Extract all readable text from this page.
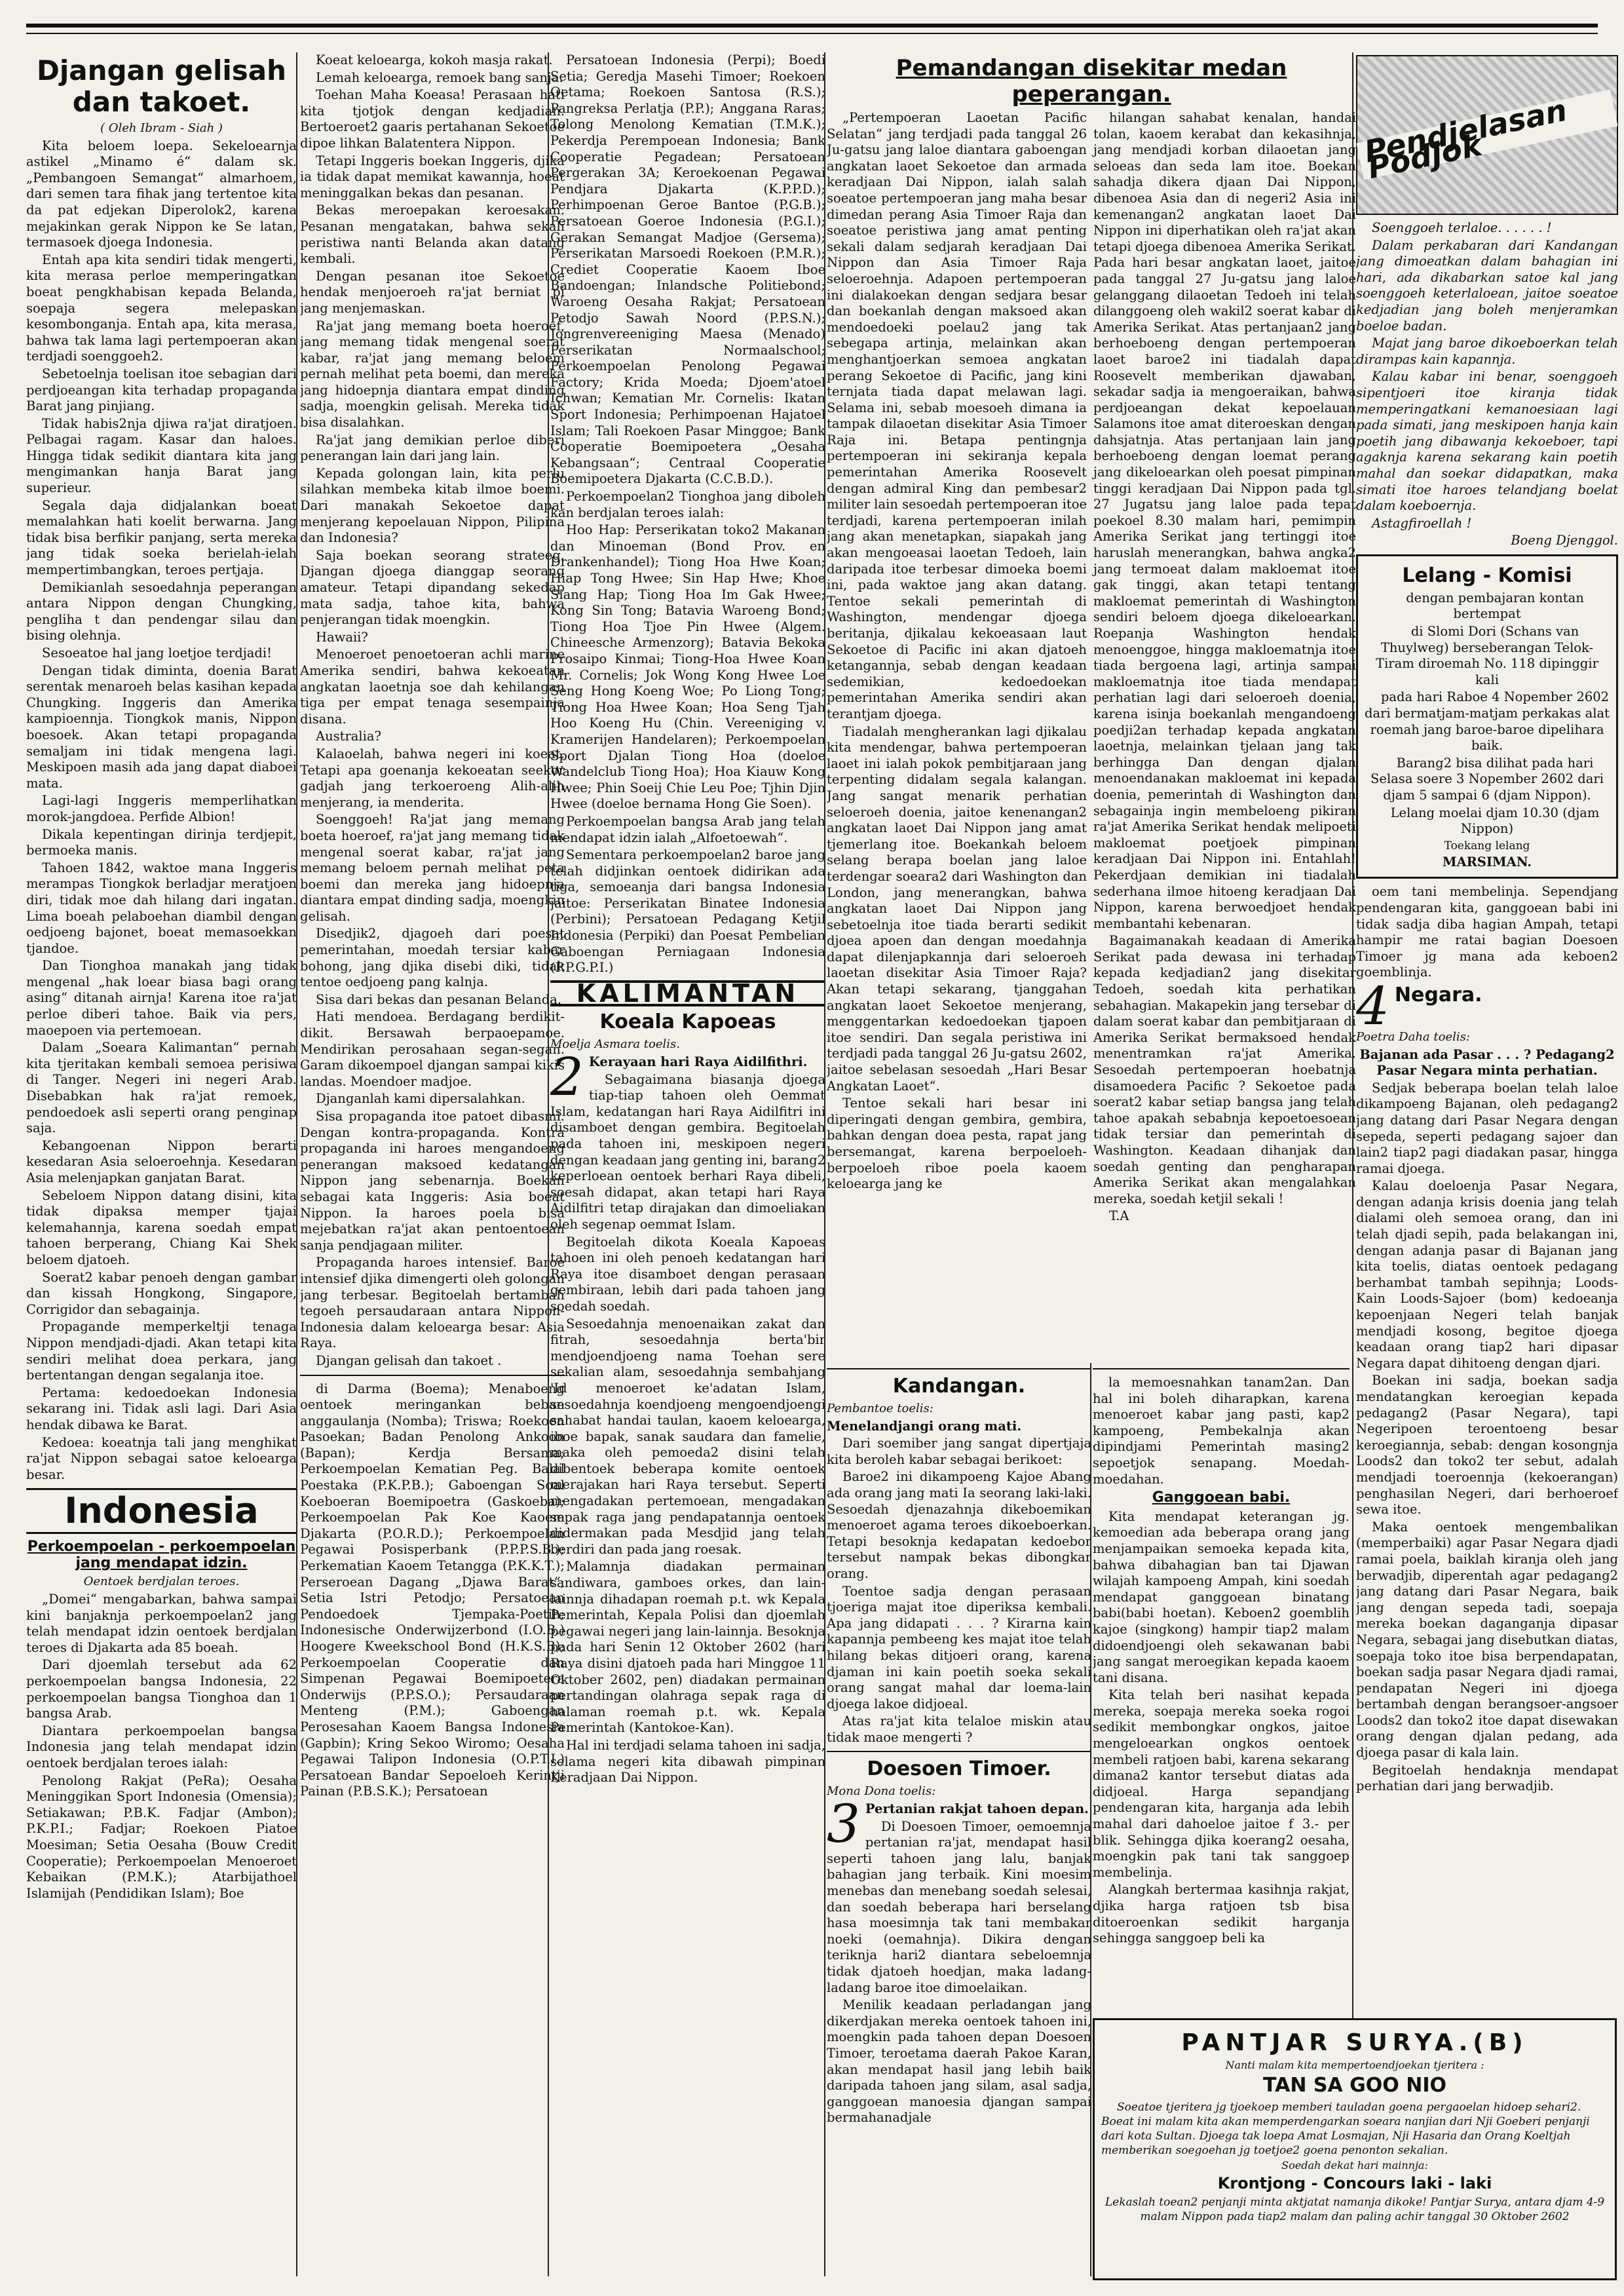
Djangan gelisah dan takoet.

( Oleh Ibram - Siah )

Kita beloem loepa. Sekeloearnja astikel „Minamo é“ dalam sk. „Pembangoen Semangat“ almarhoem, dari semen tara fihak jang tertentoe kita da pat edjekan Diperolok2, karena mejakinkan gerak Nippon ke Se latan, termasoek djoega Indonesia.

Entah apa kita sendiri tidak mengerti, kita merasa perloe memperingatkan boeat pengkhabisan kepada Belanda, soepaja segera melepaskan kesombonganja. Entah apa, kita merasa, bahwa tak lama lagi pertempoeran akan terdjadi soenggoeh2.

Sebetoelnja toelisan itoe sebagian dari perdjoeangan kita terhadap propaganda Barat jang pinjiang.

Tidak habis2nja djiwa ra'jat diratjoen. Pelbagai ragam. Kasar dan haloes. Hingga tidak sedikit diantara kita jang mengimankan hanja Barat jang superieur.

Segala daja didjalankan boeat memalahkan hati koelit berwarna. Jang tidak bisa berfikir panjang, serta mereka jang tidak soeka berielah-ielah mempertimbangkan, teroes pertjaja.

Demikianlah sesoedahnja peperangan antara Nippon dengan Chungking, pengliha t dan pendengar silau dan bising olehnja.

Sesoeatoe hal jang loetjoe terdjadi!

Dengan tidak diminta, doenia Barat serentak menaroeh belas kasihan kepada Chungking. Inggeris dan Amerika kampioennja. Tiongkok manis, Nippon boesoek. Akan tetapi propaganda semaljam ini tidak mengena lagi. Meskipoen masih ada jang dapat diaboei mata.

Lagi-lagi Inggeris memperlihatkan morok-jangdoea. Perfide Albion!

Dikala kepentingan dirinja terdjepit, bermoeka manis.

Tahoen 1842, waktoe mana Inggeris merampas Tiongkok berladjar meratjoen diri, tidak moe dah hilang dari ingatan. Lima boeah pelaboehan diambil dengan oedjoeng bajonet, boeat memasoekkan tjandoe.

Dan Tionghoa manakah jang tidak mengenal „hak loear biasa bagi orang asing“ ditanah airnja! Karena itoe ra'jat perloe diberi tahoe. Baik via pers, maoepoen via pertemoean.

Dalam „Soeara Kalimantan“ pernah kita tjeritakan kembali semoea perisiwa di Tanger. Negeri ini negeri Arab. Disebabkan hak ra'jat remoek, pendoedoek asli seperti orang penginap saja.

Kebangoenan Nippon berarti kesedaran Asia seloeroehnja. Kesedaran Asia melenjapkan ganjatan Barat.

Sebeloem Nippon datang disini, kita tidak dipaksa memper tjajai kelemahannja, karena soedah empat tahoen berperang, Chiang Kai Shek beloem djatoeh.

Soerat2 kabar penoeh dengan gambar dan kissah Hongkong, Singapore, Corrigidor dan sebagainja.

Propagande memperkeltji tenaga Nippon mendjadi-djadi. Akan tetapi kita sendiri melihat doea perkara, jang bertentangan dengan segalanja itoe.

Pertama: kedoedoekan Indonesia sekarang ini. Tidak asli lagi. Dari Asia hendak dibawa ke Barat.

Kedoea: koeatnja tali jang menghikat ra'jat Nippon sebagai satoe keloearga besar.

Indonesia
Perkoempoelan - perkoempoelan jang mendapat idzin.

Oentoek berdjalan teroes.

„Domei“ mengabarkan, bahwa sampai kini banjaknja perkoempoelan2 jang telah mendapat idzin oentoek berdjalan teroes di Djakarta ada 85 boeah.

Dari djoemlah tersebut ada 62 perkoempoelan bangsa Indonesia, 22 perkoempoelan bangsa Tionghoa dan 1 bangsa Arab.

Diantara perkoempoelan bangsa Indonesia jang telah mendapat idzin oentoek berdjalan teroes ialah:

Penolong Rakjat (PeRa); Oesaha Meninggikan Sport Indonesia (Omensia); Setiakawan; P.B.K. Fadjar (Ambon); P.K.P.I.; Fadjar; Roekoen Piatoe Moesiman; Setia Oesaha (Bouw Credit Cooperatie); Perkoempoelan Menoeroet Kebaikan (P.M.K.); Atarbijathoel Islamijah (Pendidikan Islam); Boe

Koeat keloearga, kokoh masja rakat.

Lemah keloearga, remoek bang sanja.

Toehan Maha Koeasa! Perasaan hati kita tjotjok dengan kedjadian. Bertoeroet2 gaaris pertahanan Sekoetoe dipoe lihkan Balatentera Nippon.

Tetapi Inggeris boekan Inggeris, djika ia tidak dapat memikat kawannja, hoeat meninggalkan bekas dan pesanan.

Bekas meroepakan keroesakan. Pesanan mengatakan, bahwa sekali peristiwa nanti Belanda akan datang kembali.

Dengan pesanan itoe Sekoetoe hendak menjoeroeh ra'jat berniat pi jang menjemaskan.

Ra'jat jang memang boeta hoeroef, jang memang tidak mengenal soerat kabar, ra'jat jang memang beloem pernah melihat peta boemi, dan mereka jang hidoepnja diantara empat dinding sadja, moengkin gelisah. Mereka tidak bisa disalahkan.

Ra'jat jang demikian perloe diberi penerangan lain dari jang lain.

Kepada golongan lain, kita perlu silahkan membeka kitab ilmoe boemi. Dari manakah Sekoetoe dapat menjerang kepoelauan Nippon, Pilipina dan Indonesia?

Saja boekan seorang strateeg. Djangan djoega dianggap seorang amateur. Tetapi dipandang sekedap mata sadja, tahoe kita, bahwa penjerangan tidak moengkin.

Hawaii?

Menoeroet penoetoeran achli marine Amerika sendiri, bahwa kekoeatan angkatan laoetnja soe dah kehilangan tiga per empat tenaga sesempainja disana.

Australia?

Kalaoelah, bahwa negeri ini koeat. Tetapi apa goenanja kekoeatan seekor gadjah jang terkoeroeng Alih-alih menjerang, ia menderita.

Soenggoeh! Ra'jat jang memang boeta hoeroef, ra'jat jang memang tidak mengenal soerat kabar, ra'jat jang memang beloem pernah melihat peta boemi dan mereka jang hidoepnja diantara empat dinding sadja, moengkin gelisah.

Disedjik2, djagoeh dari poesat pemerintahan, moedah tersiar kabar bohong, jang djika disebi diki, tidak tentoe oedjoeng pang kalnja.

Sisa dari bekas dan pesanan Belanda.

Hati mendoea. Berdagang berdikit-dikit. Bersawah berpaoepamoe. Mendirikan perosahaan segan-segan. Garam dikoempoel djangan sampai kikis landas. Moendoer madjoe.

Djanganlah kami dipersalahkan.

Sisa propaganda itoe patoet dibasmi. Dengan kontra-propaganda. Kontra propaganda ini haroes mengandoeng penerangan maksoed kedatangan Nippon jang sebenarnja. Boekan sebagai kata Inggeris: Asia boeat Nippon. Ia haroes poela bisa mejebatkan ra'jat akan pentoentoean sanja pendjagaan militer.

Propaganda haroes intensief. Baroe intensief djika dimengerti oleh golongan jang terbesar. Begitoelah bertambah tegoeh persaudaraan antara Nippon-Indonesia dalam keloearga besar: Asia Raya.

Djangan gelisah dan takoet .

di Darma (Boema); Menaboeng oentoek meringankan beban anggaulanja (Nomba); Triswa; Roekoen Pasoekan; Badan Penolong Ankoon (Bapan); Kerdja Bersama; Perkoempoelan Kematian Peg. Balal Poestaka (P.K.P.B.); Gaboengan Soal Koeboeran Boemipoetra (Gaskoeba); Perkoempoelan Pak Koe Kaoem Djakarta (P.O.R.D.); Perkoempoelan Pegawai Posisperbank (P.P.P.S.B.); Perkematian Kaoem Tetangga (P.K.K.T.); Perseroean Dagang „Djawa Barat“; Setia Istri Petodjo; Persatoean Pendoedoek Tjempaka-Poetih; Indonesische Onderwijzerbond (I.O.B.) Hoogere Kweekschool Bond (H.K.S.B); Perkoempoelan Cooperatie dan Simpenan Pegawai Boemipoetera Onderwijs (P.P.S.O.); Persaudaraan Menteng (P.M.); Gaboengan Perosesahan Kaoem Bangsa Indonesia (Gapbin); Kring Sekoo Wiromo; Oesaha Pegawai Talipon Indonesia (O.P.T.I.) Persatoean Bandar Sepoeloeh Kerintji Painan (P.B.S.K.); Persatoean

Persatoean Indonesia (Perpi); Boedi Setia; Geredja Masehi Timoer; Roekoen Oetama; Roekoen Santosa (R.S.); Pangreksa Perlatja (P.P.); Anggana Raras; Tolong Menolong Kematian (T.M.K.); Pekerdja Perempoean Indonesia; Bank Cooperatie Pegadean; Persatoean Pergerakan 3A; Keroekoenan Pegawai Pendjara Djakarta (K.P.P.D.); Perhimpoenan Geroe Bantoe (P.G.B.); Persatoean Goeroe Indonesia (P.G.I.); Gerakan Semangat Madjoe (Gersema); Perserikatan Marsoedi Roekoen (P.M.R.); Crediet Cooperatie Kaoem Iboe Bandoengan; Inlandsche Politiebond; Waroeng Oesaha Rakjat; Persatoean Petodjo Sawah Noord (P.P.S.N.); Jongrenvereeniging Maesa (Menado) Perserikatan Normaalschool; Perkoempoelan Penolong Pegawai Factory; Krida Moeda; Djoem'atoel Ichwan; Kematian Mr. Cornelis: Ikatan Sport Indonesia; Perhimpoenan Hajatoel Islam; Tali Roekoen Pasar Minggoe; Bank Cooperatie Boemipoetera „Oesaha Kebangsaan“; Centraal Cooperatie Boemipoetera Djakarta (C.C.B.D.).

Perkoempoelan2 Tionghoa jang diboleh kan berdjalan teroes ialah:

Hoo Hap: Perserikatan toko2 Makanan dan Minoeman (Bond Prov. en Drankenhandel); Tiong Hoa Hwe Koan; Hiap Tong Hwee; Sin Hap Hwe; Khoe Siang Hap; Tiong Hoa Im Gak Hwee; Kong Sin Tong; Batavia Waroeng Bond; Tiong Hoa Tjoe Pin Hwee (Algem. Chineesche Armenzorg); Batavia Bekoka Prosaipo Kinmai; Tiong-Hoa Hwee Koan Mr. Cornelis; Jok Wong Kong Hwee Loe Seng Hong Koeng Woe; Po Liong Tong; Tiong Hoa Hwee Koan; Hoa Seng Tjah Hoo Koeng Hu (Chin. Vereeniging v. Kramerijen Handelaren); Perkoempoelan Sport Djalan Tiong Hoa (doeloe Wandelclub Tiong Hoa); Hoa Kiauw Kong Hwee; Phin Soeij Chie Leu Poe; Tjhin Djin Hwee (doeloe bernama Hong Gie Soen).

Perkoempoelan bangsa Arab jang telah mendapat idzin ialah „Alfoetoewah“.

Sementara perkoempoelan2 baroe jang telah didjinkan oentoek didirikan ada tiga, semoeanja dari bangsa Indonesia jaitoe: Perserikatan Binatee Indonesia (Perbini); Persatoean Pedagang Ketjil Indonesia (Perpiki) dan Poesat Pembelian Gaboengan Perniagaan Indonesia (P.P.G.P.I.)

KALIMANTAN
Koeala Kapoeas

Moelja Asmara toelis.

2 Kerayaan hari Raya Aidilfithri.

Sebagaimana biasanja djoega tiap-tiap tahoen oleh Oemmat Islam, kedatangan hari Raya Aidilfitri ini disamboet dengan gembira. Begitoelah pada tahoen ini, meskipoen negeri dengan keadaan jang genting ini, barang2 keperloean oentoek berhari Raya dibeli, soesah didapat, akan tetapi hari Raya Aidilfitri tetap dirajakan dan dimoeliakan oleh segenap oemmat Islam.

Begitoelah dikota Koeala Kapoeas tahoen ini oleh penoeh kedatangan hari Raya itoe disamboet dengan perasaan gembiraan, lebih dari pada tahoen jang soedah soedah.

Sesoedahnja menoenaikan zakat dan fitrah, sesoedahnja berta'bir mendjoendjoeng nama Toehan sere sekalian alam, sesoedahnja sembahjang 'Id menoeroet ke'adatan Islam, sesoedahnja koendjoeng mengoendjoengi sahabat handai taulan, kaoem keloearga, iboe bapak, sanak saudara dan famelie, maka oleh pemoeda2 disini telah dibentoek beberapa komite oentoek merajakan hari Raya tersebut. Seperti mengadakan pertemoean, mengadakan sepak raga jang pendapatannja oentoek didermakan pada Mesdjid jang telah berdiri dan pada jang roesak.

Malamnja diadakan permainan sandiwara, gamboes orkes, dan lain-lainnja dihadapan roemah p.t. wk Kepala Pemerintah, Kepala Polisi dan djoemlah pegawai negeri jang lain-lainnja. Besoknja pada hari Senin 12 Oktober 2602 (hari Raya disini djatoeh pada hari Minggoe 11 Oktober 2602, pen) diadakan permainan pertandingan olahraga sepak raga di halaman roemah p.t. wk. Kepala Pemerintah (Kantokoe-Kan).

Hal ini terdjadi selama tahoen ini sadja, selama negeri kita dibawah pimpinan Keradjaan Dai Nippon.

Pemandangan disekitar medan peperangan.

„Pertempoeran Laoetan Pacific Selatan“ jang terdjadi pada tanggal 26 Ju-gatsu jang laloe diantara gaboengan angkatan laoet Sekoetoe dan armada keradjaan Dai Nippon, ialah salah soeatoe pertempoeran jang maha besar dimedan perang Asia Timoer Raja dan soeatoe peristiwa jang amat penting sekali dalam sedjarah keradjaan Dai Nippon dan Asia Timoer Raja seloeroehnja. Adapoen pertempoeran ini dialakoekan dengan sedjara besar dan boekanlah dengan maksoed akan mendoedoeki poelau2 jang tak sebegapa artinja, melainkan akan menghantjoerkan semoea angkatan perang Sekoetoe di Pacific, jang kini ternjata tiada dapat melawan lagi. Selama ini, sebab moesoeh dimana ia tampak dilaoetan disekitar Asia Timoer Raja ini. Betapa pentingnja pertempoeran ini sekiranja kepala pemerintahan Amerika Roosevelt dengan admiral King dan pembesar2 militer lain sesoedah pertempoeran itoe terdjadi, karena pertempoeran inilah jang akan menetapkan, siapakah jang akan mengoeasai laoetan Tedoeh, lain daripada itoe terbesar dimoeka boemi ini, pada waktoe jang akan datang. Tentoe sekali pemerintah di Washington, mendengar djoega beritanja, djikalau kekoeasaan laut Sekoetoe di Pacific ini akan djatoeh ketangannja, sebab dengan keadaan sedemikian, kedoedoekan pemerintahan Amerika sendiri akan terantjam djoega.

Tiadalah mengherankan lagi djikalau kita mendengar, bahwa pertempoeran laoet ini ialah pokok pembitjaraan jang terpenting didalam segala kalangan. Jang sangat menarik perhatian seloeroeh doenia, jaitoe kenenangan2 angkatan laoet Dai Nippon jang amat tjemerlang itoe. Boekankah beloem selang berapa boelan jang laloe terdengar soeara2 dari Washington dan London, jang menerangkan, bahwa angkatan laoet Dai Nippon jang sebetoelnja itoe tiada berarti sedikit djoea apoen dan dengan moedahnja dapat dilenjapkannja dari seloeroeh laoetan disekitar Asia Timoer Raja? Akan tetapi sekarang, tjanggahan angkatan laoet Sekoetoe menjerang, menggentarkan kedoedoekan tjapoen itoe sendiri. Dan segala peristiwa ini terdjadi pada tanggal 26 Ju-gatsu 2602, jaitoe sebelasan sesoedah „Hari Besar Angkatan Laoet“.

Tentoe sekali hari besar ini diperingati dengan gembira, gembira, bahkan dengan doea pesta, rapat jang bersemangat, karena berpoeloeh-berpoeloeh riboe poela kaoem keloearga jang ke

hilangan sahabat kenalan, handai tolan, kaoem kerabat dan kekasihnja, jang mendjadi korban dilaoetan jang seloeas dan seda lam itoe. Boekan sahadja dikera djaan Dai Nippon, dibenoea Asia dan di negeri2 Asia ini kemenangan2 angkatan laoet Dai Nippon ini diperhatikan oleh ra'jat akan tetapi djoega dibenoea Amerika Serikat. Pada hari besar angkatan laoet, jaitoe pada tanggal 27 Ju-gatsu jang laloe gelanggang dilaoetan Tedoeh ini telah dilanggoeng oleh wakil2 soerat kabar di Amerika Serikat. Atas pertanjaan2 jang berhoeboeng dengan pertempoeran laoet baroe2 ini tiadalah dapat Roosevelt memberikan djawaban, sekadar sadja ia mengoeraikan, bahwa perdjoeangan dekat kepoelauan Salamons itoe amat diteroeskan dengan dahsjatnja. Atas pertanjaan lain jang berhoeboeng dengan loemat perang jang dikeloearkan oleh poesat pimpinan tinggi keradjaan Dai Nippon pada tgl. 27 Jugatsu jang laloe pada tepat poekoel 8.30 malam hari, pemimpin Amerika Serikat jang tertinggi itoe haruslah menerangkan, bahwa angka2 jang termoeat dalam makloemat itoe gak tinggi, akan tetapi tentang makloemat pemerintah di Washington sendiri beloem djoega dikeloearkan. Roepanja Washington hendak menoenggoe, hingga makloematnja itoe tiada bergoena lagi, artinja sampai makloematnja itoe tiada mendapat perhatian lagi dari seloeroeh doenia, karena isinja boekanlah mengandoeng poedji2an terhadap kepada angkatan laoetnja, melainkan tjelaan jang tak berhingga Dan dengan djalan menoendanakan makloemat ini kepada doenia, pemerintah di Washington dan sebagainja ingin membeloeng pikiran ra'jat Amerika Serikat hendak melipoeti makloemat poetjoek pimpinan keradjaan Dai Nippon ini. Entahlah! Pekerdjaan demikian ini tiadalah sederhana ilmoe hitoeng keradjaan Dai Nippon, karena berwoedjoet hendak membantahi kebenaran.

Bagaimanakah keadaan di Amerika Serikat pada dewasa ini terhadap kepada kedjadian2 jang disekitar Tedoeh, soedah kita perhatikan sebahagian. Makapekin jang tersebar di dalam soerat kabar dan pembitjaraan di Amerika Serikat bermaksoed hendak menentramkan ra'jat Amerika. Sesoedah pertempoeran hoebatnja disamoedera Pacific ? Sekoetoe pada soerat2 kabar setiap bangsa jang telah tahoe apakah sebabnja kepoetoesoean tidak tersiar dan pemerintah di Washington. Keadaan dihanjak dan soedah genting dan pengharapan Amerika Serikat akan mengalahkan mereka, soedah ketjil sekali !

T.A

Kandangan.

Pembantoe toelis:

Menelandjangi orang mati.

Dari soemiber jang sangat dipertjaja kita beroleh kabar sebagai berikoet:

Baroe2 ini dikampoeng Kajoe Abang ada orang jang mati Ia seorang laki-laki. Sesoedah djenazahnja dikeboemikan menoeroet agama teroes dikoeboerkan. Tetapi besoknja kedapatan kedoebor tersebut nampak bekas dibongkar orang.

Toentoe sadja dengan perasaan tjoeriga majat itoe diperiksa kembali. Apa jang didapati . . . ? Kirarna kain kapannja pembeeng kes majat itoe telah hilang bekas ditjoeri orang, karena djaman ini kain poetih soeka sekali orang sangat mahal dar loema-lain djoega lakoe didjoeal.

Atas ra'jat kita telaloe miskin atau tidak maoe mengerti ?

Doesoen Timoer.

Mona Dona toelis:

3 Pertanian rakjat tahoen depan.

Di Doesoen Timoer, oemoemnja pertanian ra'jat, mendapat hasil seperti tahoen jang lalu, banjak bahagian jang terbaik. Kini moesim menebas dan menebang soedah selesai, dan soedah beberapa hari berselang hasa moesimnja tak tani membakar noeki (oemahnja). Dikira dengan teriknja hari2 diantara sebeloemnja tidak djatoeh hoedjan, maka ladang-ladang baroe itoe dimoelaikan.

Menilik keadaan perladangan jang dikerdjakan mereka oentoek tahoen ini, moengkin pada tahoen depan Doesoen Timoer, teroetama daerah Pakoe Karan, akan mendapat hasil jang lebih baik daripada tahoen jang silam, asal sadja, ganggoean manoesia djangan sampai bermahanadjale

la memoesnahkan tanam2an. Dan hal ini boleh diharapkan, karena menoeroet kabar jang pasti, kap2 kampoeng, Pembekalnja akan dipindjami Pemerintah masing2 sepoetjok senapang. Moedah-moedahan.

Ganggoean babi.

Kita mendapat keterangan jg. kemoedian ada beberapa orang jang menjampaikan semoeka kepada kita, bahwa dibahagian ban tai Djawan wilajah kampoeng Ampah, kini soedah mendapat ganggoean binatang babi(babi hoetan). Keboen2 goemblih kajoe (singkong) hampir tiap2 malam didoendjoengi oleh sekawanan babi jang sangat meroegikan kepada kaoem tani disana.

Kita telah beri nasihat kepada mereka, soepaja mereka soeka rogoi sedikit membongkar ongkos, jaitoe mengeloearkan ongkos oentoek membeli ratjoen babi, karena sekarang dimana2 kantor tersebut diatas ada didjoeal. Harga sepandjang pendengaran kita, harganja ada lebih mahal dari dahoeloe jaitoe f 3.- per blik. Sehingga djika koerang2 oesaha, moengkin pak tani tak sanggoep membelinja.

Alangkah bertermaa kasihnja rakjat, djika harga ratjoen tsb bisa ditoeroenkan sedikit harganja sehingga sanggoep beli ka

Pendjelasan Podjok

Soenggoeh terlaloe. . . . . . !

Dalam perkabaran dari Kandangan jang dimoeatkan dalam bahagian ini hari, ada dikabarkan satoe kal jang soenggoeh keterlaloean, jaitoe soeatoe kedjadian jang boleh menjeramkan boeloe badan.

Majat jang baroe dikoeboerkan telah dirampas kain kapannja.

Kalau kabar ini benar, soenggoeh sipentjoeri itoe kiranja tidak memperingatkani kemanoesiaan lagi pada simati, jang meskipoen hanja kain poetih jang dibawanja kekoeboer, tapi agaknja karena sekarang kain poetih mahal dan soekar didapatkan, maka simati itoe haroes telandjang boelat dalam koeboernja.

Astagfiroellah !

Boeng Djenggol.

Lelang - Komisi

dengan pembajaran kontan bertempat

di Slomi Dori (Schans van Thuylweg) berseberangan Telok-Tiram diroemah No. 118 dipinggir kali

pada hari Raboe 4 Nopember 2602 dari bermatjam-matjam perkakas alat roemah jang baroe-baroe dipelihara baik.

Barang2 bisa dilihat pada hari Selasa soere 3 Nopember 2602 dari djam 5 sampai 6 (djam Nippon).

Lelang moelai djam 10.30 (djam Nippon)

Toekang lelang

MARSIMAN.

oem tani membelinja. Sependjang pendengaran kita, ganggoean babi ini tidak sadja diba hagian Ampah, tetapi hampir me ratai bagian Doesoen Timoer jg mana ada keboen2 goemblinja.

4 Negara.

Poetra Daha toelis:

Bajanan ada Pasar . . . ? Pedagang2 Pasar Negara minta perhatian.

Sedjak beberapa boelan telah laloe dikampoeng Bajanan, oleh pedagang2 jang datang dari Pasar Negara dengan sepeda, seperti pedagang sajoer dan lain2 tiap2 pagi diadakan pasar, hingga ramai djoega.

Kalau doeloenja Pasar Negara, dengan adanja krisis doenia jang telah dialami oleh semoea orang, dan ini telah djadi sepih, pada belakangan ini, dengan adanja pasar di Bajanan jang kita toelis, diatas oentoek pedagang berhambat tambah sepihnja; Loods-Kain Loods-Sajoer (bom) kedoeanja kepoenjaan Negeri telah banjak mendjadi kosong, begitoe djoega keadaan orang tiap2 hari dipasar Negara dapat dihitoeng dengan djari.

Boekan ini sadja, boekan sadja mendatangkan keroegian kepada pedagang2 (Pasar Negara), tapi Negeripoen teroentoeng besar keroegiannja, sebab: dengan kosongnja Loods2 dan toko2 ter sebut, adalah mendjadi toeroennja (kekoerangan) penghasilan Negeri, dari berhoeroef sewa itoe.

Maka oentoek mengembalikan (memperbaiki) agar Pasar Negara djadi ramai poela, baiklah kiranja oleh jang berwadjib, diperentah agar pedagang2 jang datang dari Pasar Negara, baik jang dengan sepeda tadi, soepaja mereka boekan daganganja dipasar Negara, sebagai jang disebutkan diatas, soepaja toko itoe bisa berpendapatan, boekan sadja pasar Negara djadi ramai, pendapatan Negeri ini djoega bertambah dengan berangsoer-angsoer Loods2 dan toko2 itoe dapat disewakan orang dengan djalan pedang, ada djoega pasar di kala lain.

Begitoelah hendaknja mendapat perhatian dari jang berwadjib.

PANTJAR SURYA.(B)

Nanti malam kita mempertoendjoekan tjeritera :

TAN SA GOO NIO

Soeatoe tjeritera jg tjoekoep memberi tauladan goena pergaoelan hidoep sehari2. Boeat ini malam kita akan memperdengarkan soeara nanjian dari Nji Goeberi penjanji dari kota Sultan. Djoega tak loepa Amat Losmajan, Nji Hasaria dan Orang Koeltjah memberikan soegoehan jg toetjoe2 goena penonton sekalian.

Soedah dekat hari mainnja:

Krontjong - Concours laki - laki

Lekaslah toean2 penjanji minta aktjatat namanja dikoke! Pantjar Surya, antara djam 4-9 malam Nippon pada tiap2 malam dan paling achir tanggal 30 Oktober 2602
